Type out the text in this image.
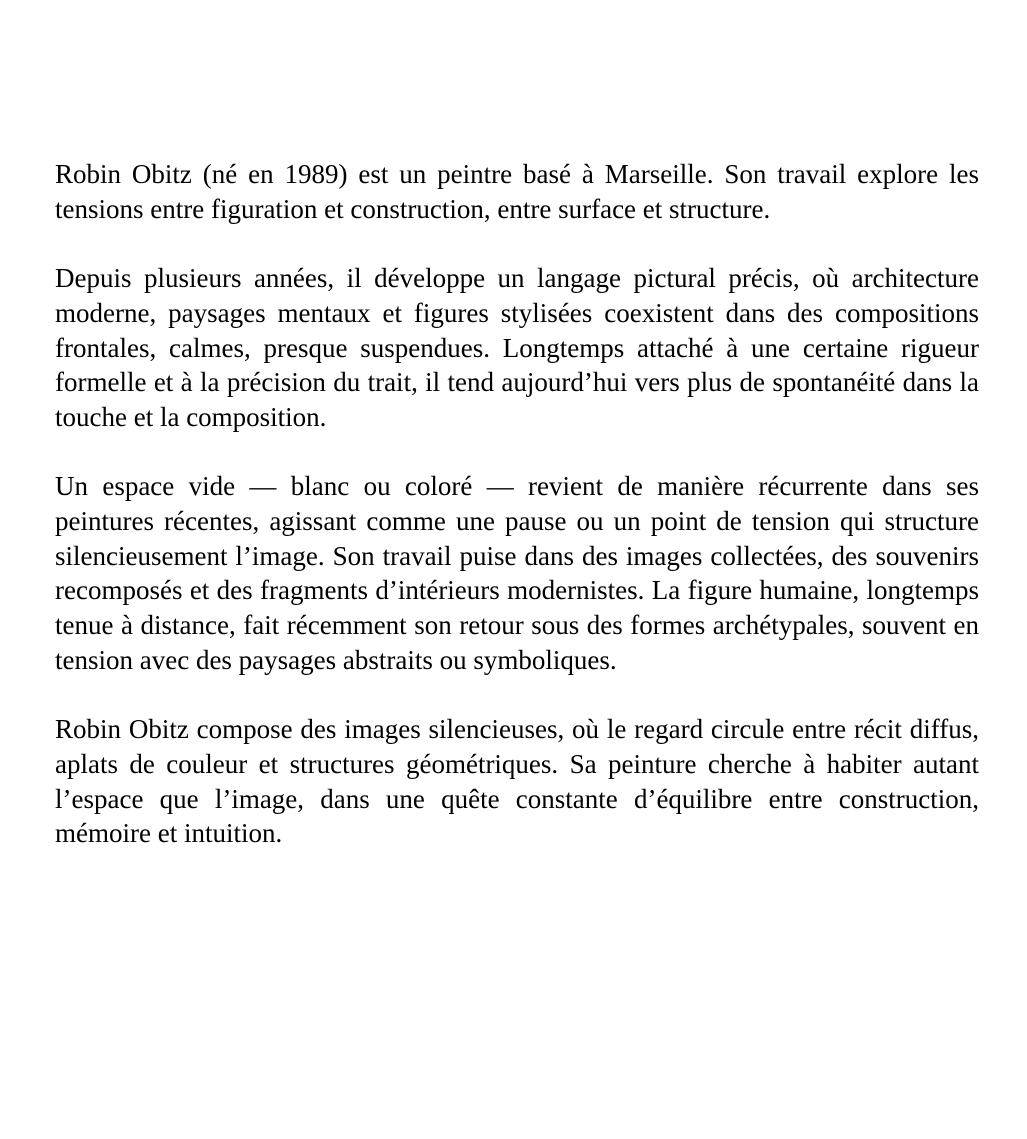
Robin Obitz (né en 1989) est un peintre basé à Marseille. Son travail explore les tensions entre figuration et construction, entre surface et structure.

Depuis plusieurs années, il développe un langage pictural précis, où architecture moderne, paysages mentaux et figures stylisées coexistent dans des compositions frontales, calmes, presque suspendues. Longtemps attaché à une certaine rigueur formelle et à la précision du trait, il tend aujourd’hui vers plus de spontanéité dans la touche et la composition.

Un espace vide — blanc ou coloré — revient de manière récurrente dans ses peintures récentes, agissant comme une pause ou un point de tension qui structure silencieusement l’image. Son travail puise dans des images collectées, des souvenirs recomposés et des fragments d’intérieurs modernistes. La figure humaine, longtemps tenue à distance, fait récemment son retour sous des formes archétypales, souvent en tension avec des paysages abstraits ou symboliques.

Robin Obitz compose des images silencieuses, où le regard circule entre récit diffus, aplats de couleur et structures géométriques. Sa peinture cherche à habiter autant l’espace que l’image, dans une quête constante d’équilibre entre construction, mémoire et intuition.
